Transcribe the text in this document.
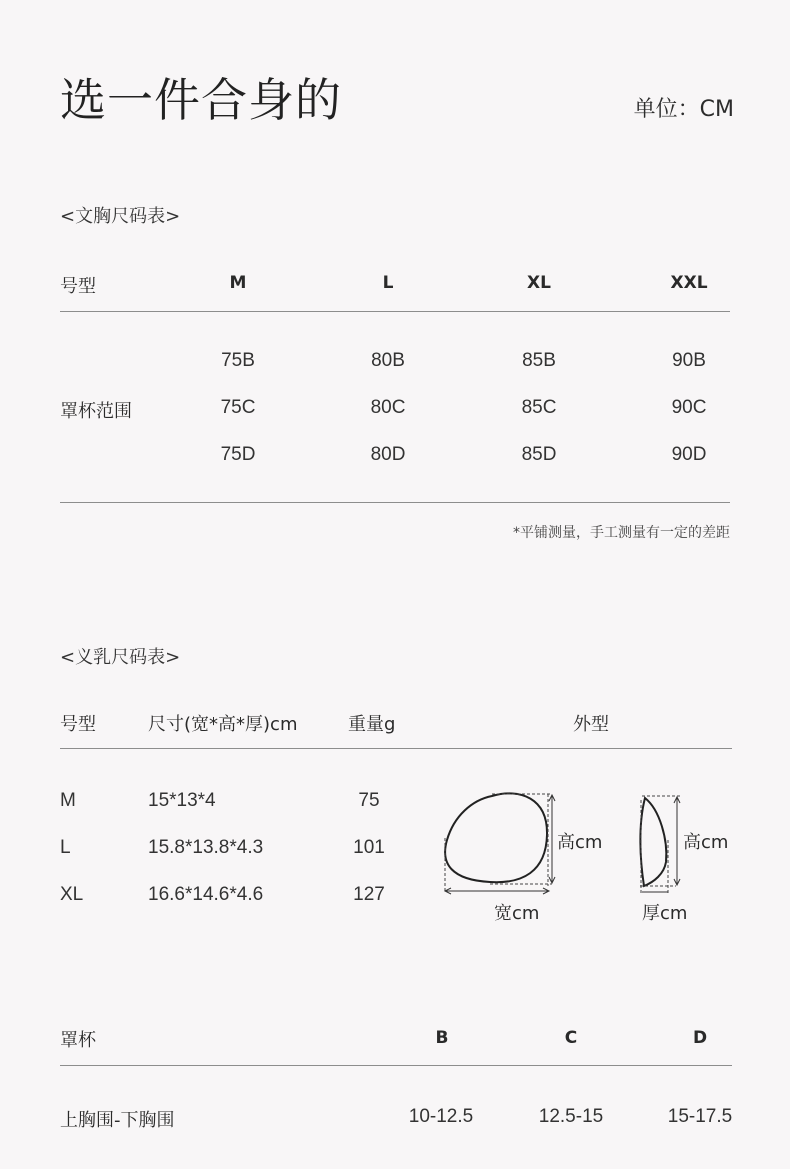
选一件合身的	单位：CM
<文胸尺码表>
号型	M	L	XL	XXL
罩杯范围
75B	80B	85B	90B
75C	80C	85C	90C
75D	80D	85D	90D
*平铺测量，手工测量有一定的差距
<义乳尺码表>
号型	尺寸(宽*高*厚)cm	重量g	外型
M	15*13*4	75
L	15.8*13.8*4.3	101
XL	16.6*14.6*4.6	127
高cm
宽cm
高cm
厚cm
罩杯	B	C	D
上胸围-下胸围	10-12.5	12.5-15	15-17.5
